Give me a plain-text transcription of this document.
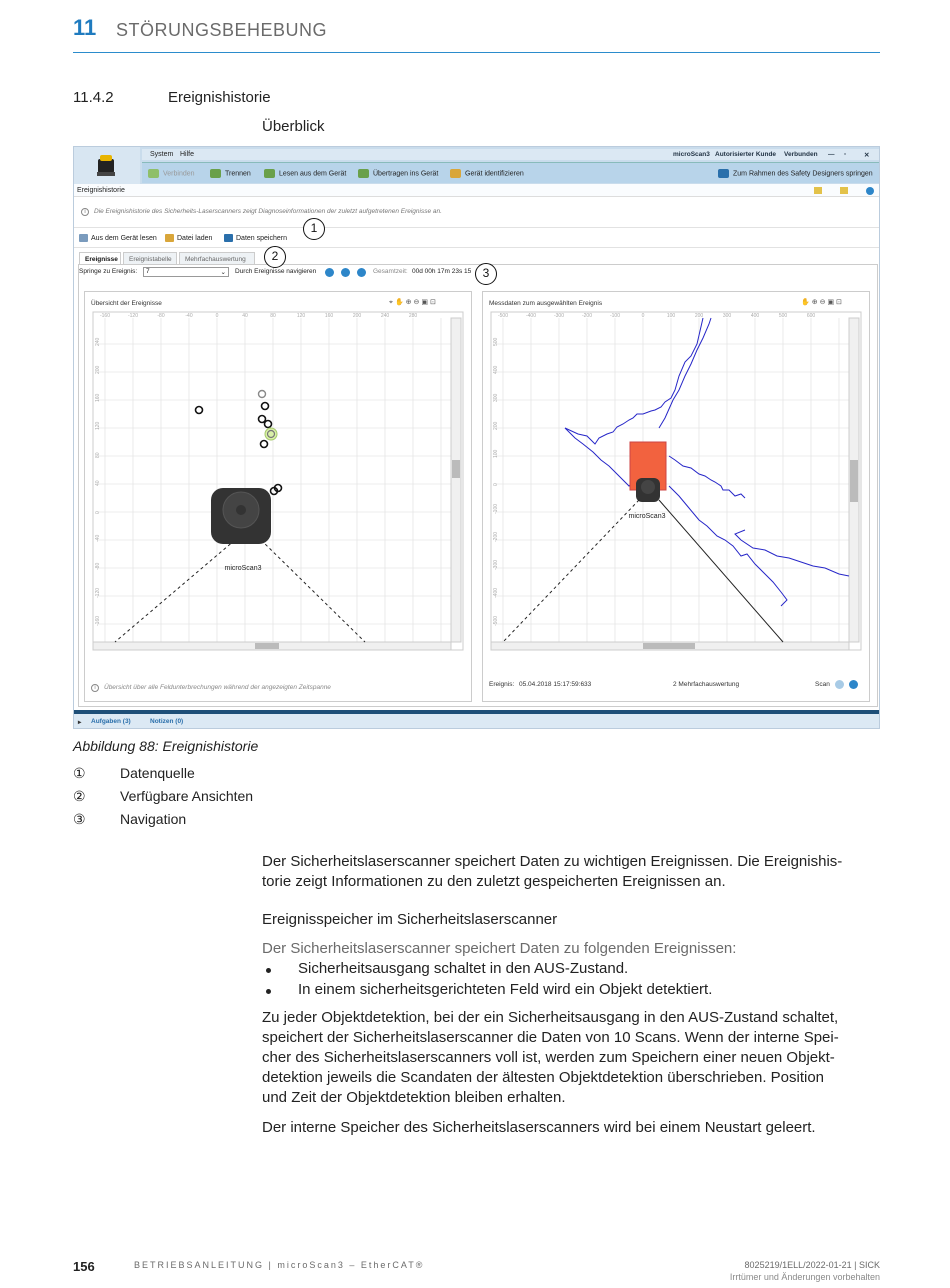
11 STÖRUNGSBEHEBUNG
11.4.2	Ereignishistorie
Überblick
System Hilfe	microScan3 Autorisierter Kunde Verbunden — ▫	✕
Verbinden	Trennen	Lesen aus dem Gerät	Übertragen ins Gerät	Gerät identifizieren	Zum Rahmen des Safety Designers springen
Ereignishistorie
i Die Ereignishistorie des Sicherheits-Laserscanners zeigt Diagnoseinformationen der zuletzt aufgetretenen Ereignisse an.
Aus dem Gerät lesen	Datei laden	Daten speichern
Ereignisse	Ereignistabelle	Mehrfachauswertung
Springe zu Ereignis:	7	⌄ Durch Ereignisse navigieren	Gesamtzeit: 00d 00h 17m 23s 15
Übersicht der Ereignisse	⌖✋⊕⊖▣⊡
microScan3
-160	-120	-80	-40	0	40	80	120	160	200	240	280
240
200
160
120
80
40
0
-40
-80
-120
-160
i Übersicht über alle Feldunterbrechungen während der angezeigten Zeitspanne
Messdaten zum ausgewählten Ereignis	✋⊕⊖▣⊡
microScan3
-500	-400	-300	-200	-100	0	100	200	300	400	500	600
500
400
300
200
100
0
-100
-200
-300
-400
-500
Ereignis: 05.04.2018 15:17:59:633	2 Mehrfachauswertung	Scan
1
2
3
▸ Aufgaben (3)	Notizen (0)
Abbildung 88: Ereignishistorie
① Datenquelle
② Verfügbare Ansichten
③ Navigation
Der Sicherheitslaserscanner speichert Daten zu wichtigen Ereignissen. Die Ereignishis-
torie zeigt Informationen zu den zuletzt gespeicherten Ereignissen an.
Ereignisspeicher im Sicherheitslaserscanner
Der Sicherheitslaserscanner speichert Daten zu folgenden Ereignissen:
Sicherheitsausgang schaltet in den AUS-Zustand.
In einem sicherheitsgerichteten Feld wird ein Objekt detektiert.
Zu jeder Objektdetektion, bei der ein Sicherheitsausgang in den AUS-Zustand schaltet,
speichert der Sicherheitslaserscanner die Daten von 10 Scans. Wenn der interne Spei-
cher des Sicherheitslaserscanners voll ist, werden zum Speichern einer neuen Objekt-
detektion jeweils die Scandaten der ältesten Objektdetektion überschrieben. Position
und Zeit der Objektdetektion bleiben erhalten.
Der interne Speicher des Sicherheitslaserscanners wird bei einem Neustart geleert.
156	BETRIEBSANLEITUNG | microScan3 – EtherCAT®	8025219/1ELL/2022-01-21 | SICK
Irrtümer und Änderungen vorbehalten
